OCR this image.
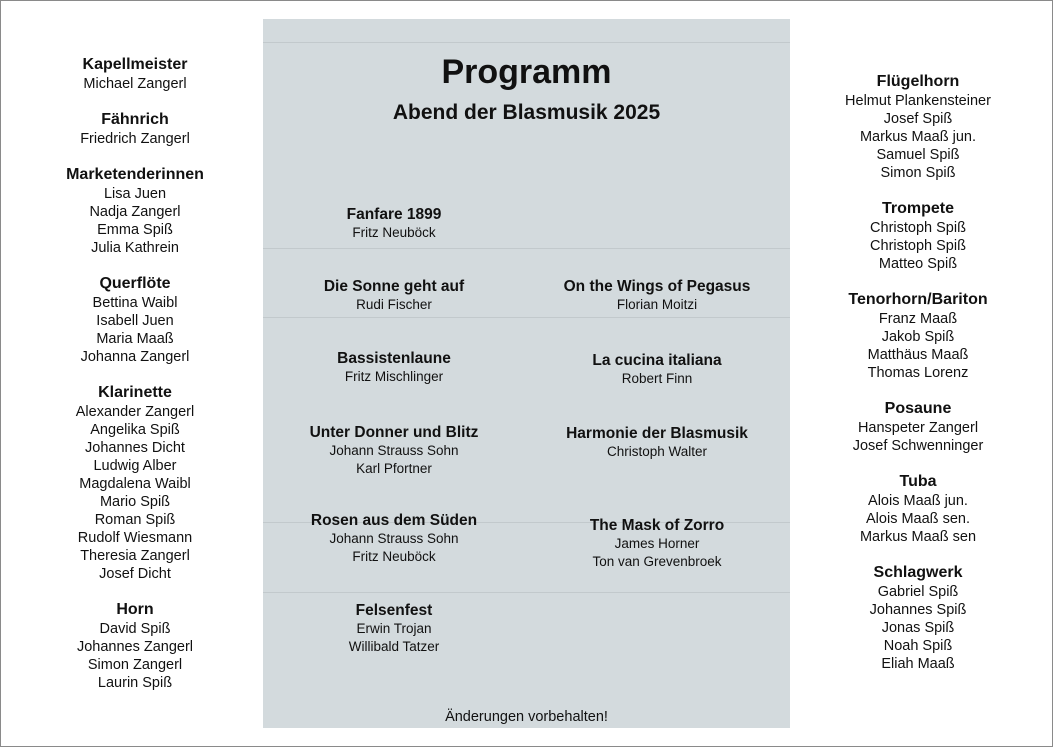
Kapellmeister
Michael Zangerl
Fähnrich
Friedrich Zangerl
Marketenderinnen
Lisa Juen
Nadja Zangerl
Emma Spiß
Julia Kathrein
Querflöte
Bettina Waibl
Isabell Juen
Maria Maaß
Johanna Zangerl
Klarinette
Alexander Zangerl
Angelika Spiß
Johannes Dicht
Ludwig Alber
Magdalena Waibl
Mario Spiß
Roman Spiß
Rudolf Wiesmann
Theresia Zangerl
Josef Dicht
Horn
David Spiß
Johannes Zangerl
Simon Zangerl
Laurin Spiß
Flügelhorn
Helmut Plankensteiner
Josef Spiß
Markus Maaß jun.
Samuel Spiß
Simon Spiß
Trompete
Christoph Spiß
Christoph Spiß
Matteo Spiß
Tenorhorn/Bariton
Franz Maaß
Jakob Spiß
Matthäus Maaß
Thomas Lorenz
Posaune
Hanspeter Zangerl
Josef Schwenninger
Tuba
Alois Maaß jun.
Alois Maaß sen.
Markus Maaß sen
Schlagwerk
Gabriel Spiß
Johannes Spiß
Jonas Spiß
Noah Spiß
Eliah Maaß
Programm
Abend der Blasmusik 2025
Fanfare 1899
Fritz Neuböck
Die Sonne geht auf
Rudi Fischer
Bassistenlaune
Fritz Mischlinger
Unter Donner und Blitz
Johann Strauss Sohn
Karl Pfortner
Rosen aus dem Süden
Johann Strauss Sohn
Fritz Neuböck
Felsenfest
Erwin Trojan
Willibald Tatzer
On the Wings of Pegasus
Florian Moitzi
La cucina italiana
Robert Finn
Harmonie der Blasmusik
Christoph Walter
The Mask of Zorro
James Horner
Ton van Grevenbroek
Änderungen vorbehalten!
